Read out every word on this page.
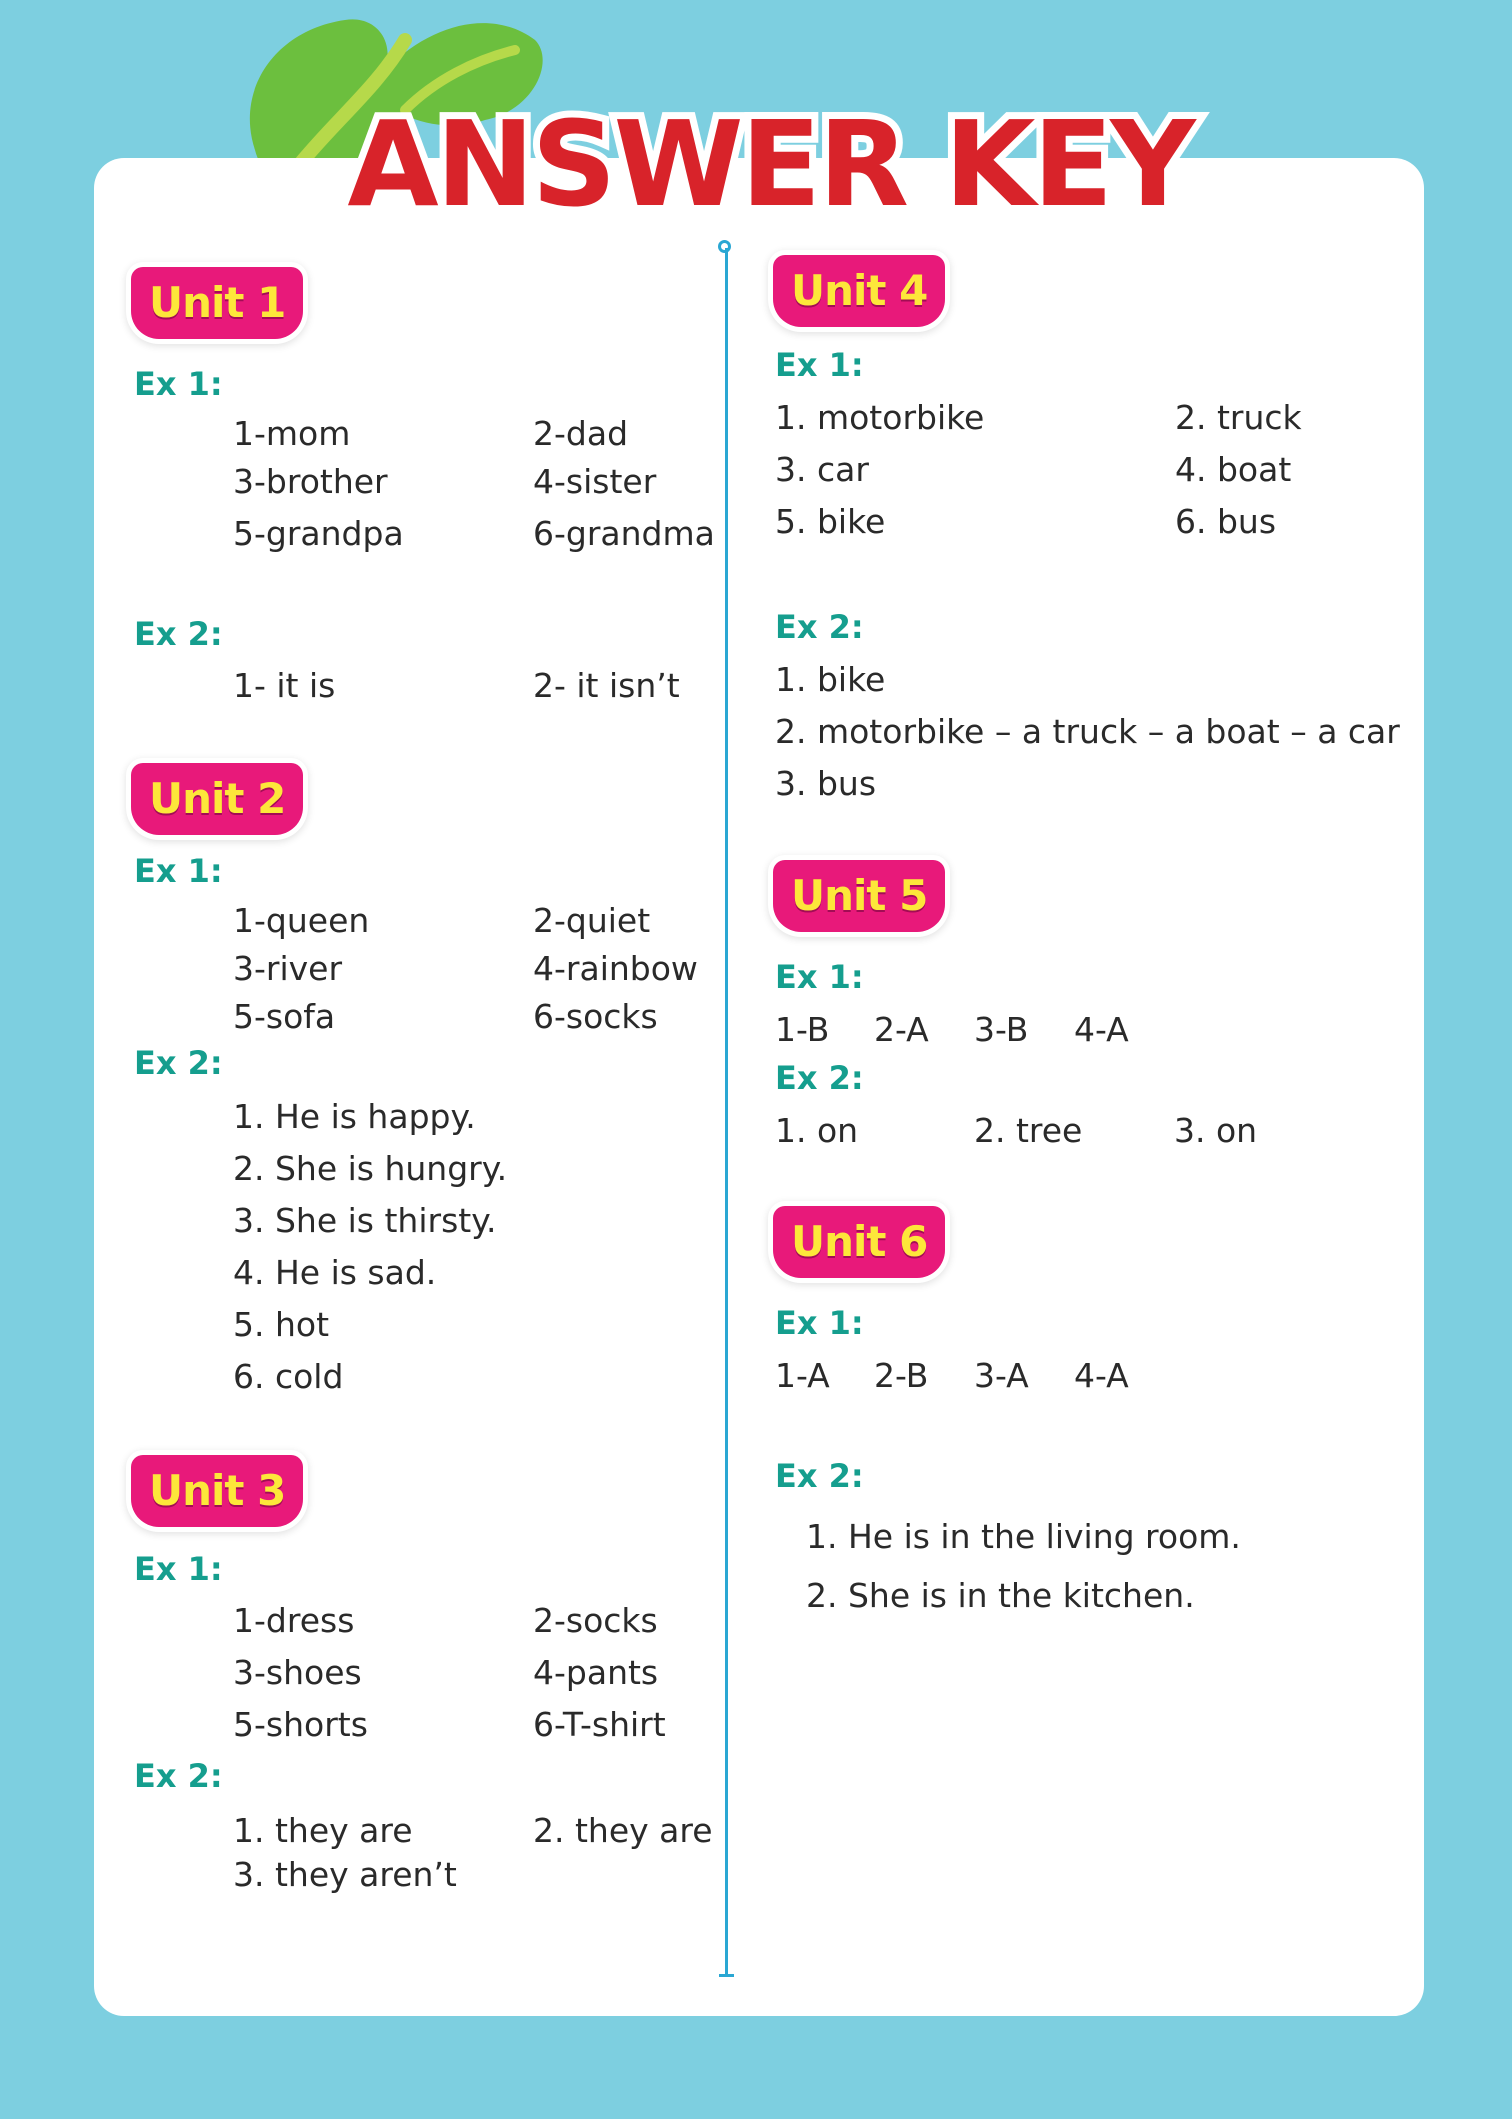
ANSWER KEY
Unit 1
Ex 1:
1-mom	2-dad
3-brother	4-sister
5-grandpa	6-grandma
Ex 2:
1- it is	2- it isn’t
Unit 2
Ex 1:
1-queen	2-quiet
3-river	4-rainbow
5-sofa	6-socks
Ex 2:
1. He is happy.
2. She is hungry.
3. She is thirsty.
4. He is sad.
5. hot
6. cold
Unit 3
Ex 1:
1-dress	2-socks
3-shoes	4-pants
5-shorts	6-T-shirt
Ex 2:
1. they are	2. they are
3. they aren’t
Unit 4
Ex 1:
1. motorbike	2. truck
3. car	4. boat
5. bike	6. bus
Ex 2:
1. bike
2. motorbike – a truck – a boat – a car
3. bus
Unit 5
Ex 1:
1-B 2-A 3-B 4-A
Ex 2:
1. on	2. tree	3. on
Unit 6
Ex 1:
1-A 2-B 3-A 4-A
Ex 2:
1. He is in the living room.
2. She is in the kitchen.
